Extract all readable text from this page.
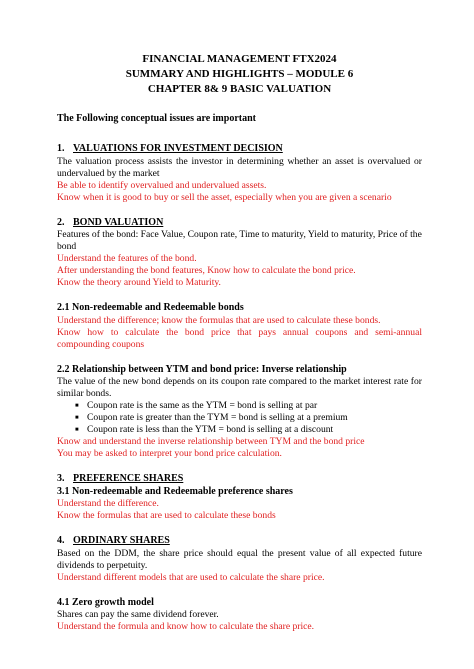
FINANCIAL MANAGEMENT FTX2024
SUMMARY AND HIGHLIGHTS – MODULE 6
CHAPTER 8& 9 BASIC VALUATION
The Following conceptual issues are important
1. VALUATIONS FOR INVESTMENT DECISION
The valuation process assists the investor in determining whether an asset is overvalued or undervalued by the market
Be able to identify overvalued and undervalued assets.
Know when it is good to buy or sell the asset, especially when you are given a scenario
2. BOND VALUATION
Features of the bond: Face Value, Coupon rate, Time to maturity, Yield to maturity, Price of the bond
Understand the features of the bond.
After understanding the bond features, Know how to calculate the bond price.
Know the theory around Yield to Maturity.
2.1 Non-redeemable and Redeemable bonds
Understand the difference; know the formulas that are used to calculate these bonds.
Know how to calculate the bond price that pays annual coupons and semi-annual compounding coupons
2.2 Relationship between YTM and bond price: Inverse relationship
The value of the new bond depends on its coupon rate compared to the market interest rate for similar bonds.
■ Coupon rate is the same as the YTM = bond is selling at par
■ Coupon rate is greater than the TYM = bond is selling at a premium
■ Coupon rate is less than the YTM = bond is selling at a discount
Know and understand the inverse relationship between TYM and the bond price
You may be asked to interpret your bond price calculation.
3. PREFERENCE SHARES
3.1 Non-redeemable and Redeemable preference shares
Understand the difference.
Know the formulas that are used to calculate these bonds
4. ORDINARY SHARES
Based on the DDM, the share price should equal the present value of all expected future dividends to perpetuity.
Understand different models that are used to calculate the share price.
4.1 Zero growth model
Shares can pay the same dividend forever.
Understand the formula and know how to calculate the share price.
